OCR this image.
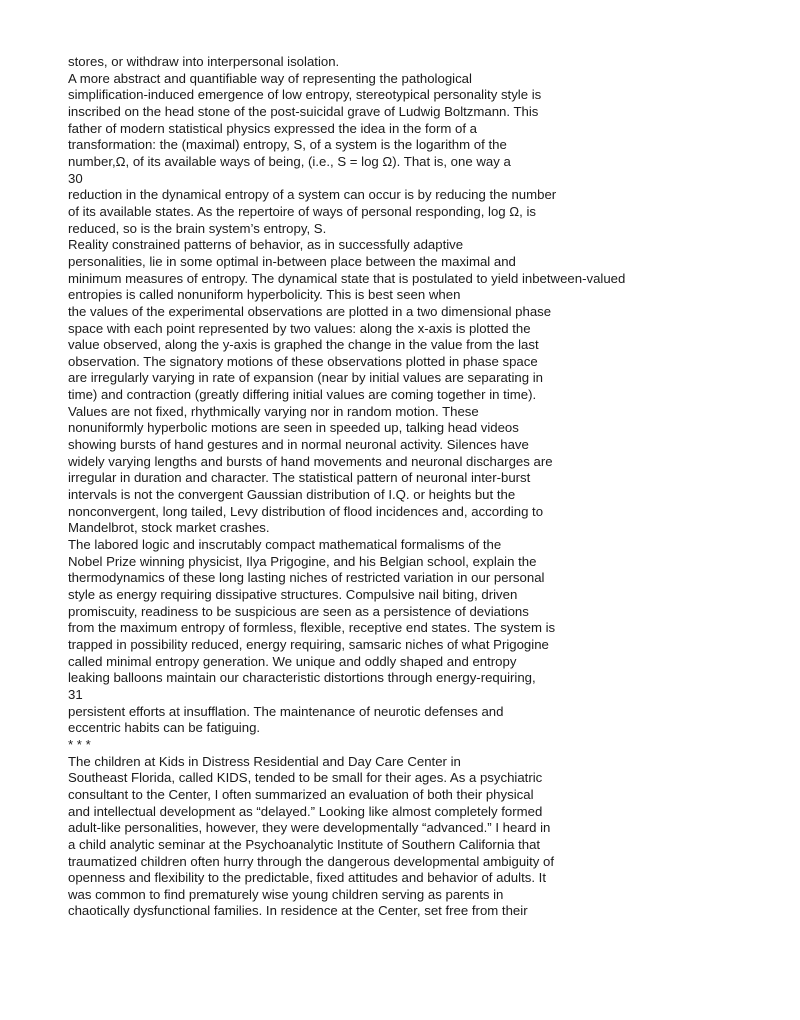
stores, or withdraw into interpersonal isolation.
A more abstract and quantifiable way of representing the pathological
simplification-induced emergence of low entropy, stereotypical personality style is
inscribed on the head stone of the post-suicidal grave of Ludwig Boltzmann. This
father of modern statistical physics expressed the idea in the form of a
transformation: the (maximal) entropy, S, of a system is the logarithm of the
number,Ω, of its available ways of being, (i.e., S = log Ω). That is, one way a
30
reduction in the dynamical entropy of a system can occur is by reducing the number
of its available states. As the repertoire of ways of personal responding, log Ω, is
reduced, so is the brain system’s entropy, S.
Reality constrained patterns of behavior, as in successfully adaptive
personalities, lie in some optimal in-between place between the maximal and
minimum measures of entropy. The dynamical state that is postulated to yield inbetween-valued
entropies is called nonuniform hyperbolicity. This is best seen when
the values of the experimental observations are plotted in a two dimensional phase
space with each point represented by two values: along the x-axis is plotted the
value observed, along the y-axis is graphed the change in the value from the last
observation. The signatory motions of these observations plotted in phase space
are irregularly varying in rate of expansion (near by initial values are separating in
time) and contraction (greatly differing initial values are coming together in time).
Values are not fixed, rhythmically varying nor in random motion. These
nonuniformly hyperbolic motions are seen in speeded up, talking head videos
showing bursts of hand gestures and in normal neuronal activity. Silences have
widely varying lengths and bursts of hand movements and neuronal discharges are
irregular in duration and character. The statistical pattern of neuronal inter-burst
intervals is not the convergent Gaussian distribution of I.Q. or heights but the
nonconvergent, long tailed, Levy distribution of flood incidences and, according to
Mandelbrot, stock market crashes.
The labored logic and inscrutably compact mathematical formalisms of the
Nobel Prize winning physicist, Ilya Prigogine, and his Belgian school, explain the
thermodynamics of these long lasting niches of restricted variation in our personal
style as energy requiring dissipative structures. Compulsive nail biting, driven
promiscuity, readiness to be suspicious are seen as a persistence of deviations
from the maximum entropy of formless, flexible, receptive end states. The system is
trapped in possibility reduced, energy requiring, samsaric niches of what Prigogine
called minimal entropy generation. We unique and oddly shaped and entropy
leaking balloons maintain our characteristic distortions through energy-requiring,
31
persistent efforts at insufflation. The maintenance of neurotic defenses and
eccentric habits can be fatiguing.
* * *
The children at Kids in Distress Residential and Day Care Center in
Southeast Florida, called KIDS, tended to be small for their ages. As a psychiatric
consultant to the Center, I often summarized an evaluation of both their physical
and intellectual development as “delayed.” Looking like almost completely formed
adult-like personalities, however, they were developmentally “advanced.” I heard in
a child analytic seminar at the Psychoanalytic Institute of Southern California that
traumatized children often hurry through the dangerous developmental ambiguity of
openness and flexibility to the predictable, fixed attitudes and behavior of adults. It
was common to find prematurely wise young children serving as parents in
chaotically dysfunctional families. In residence at the Center, set free from their
